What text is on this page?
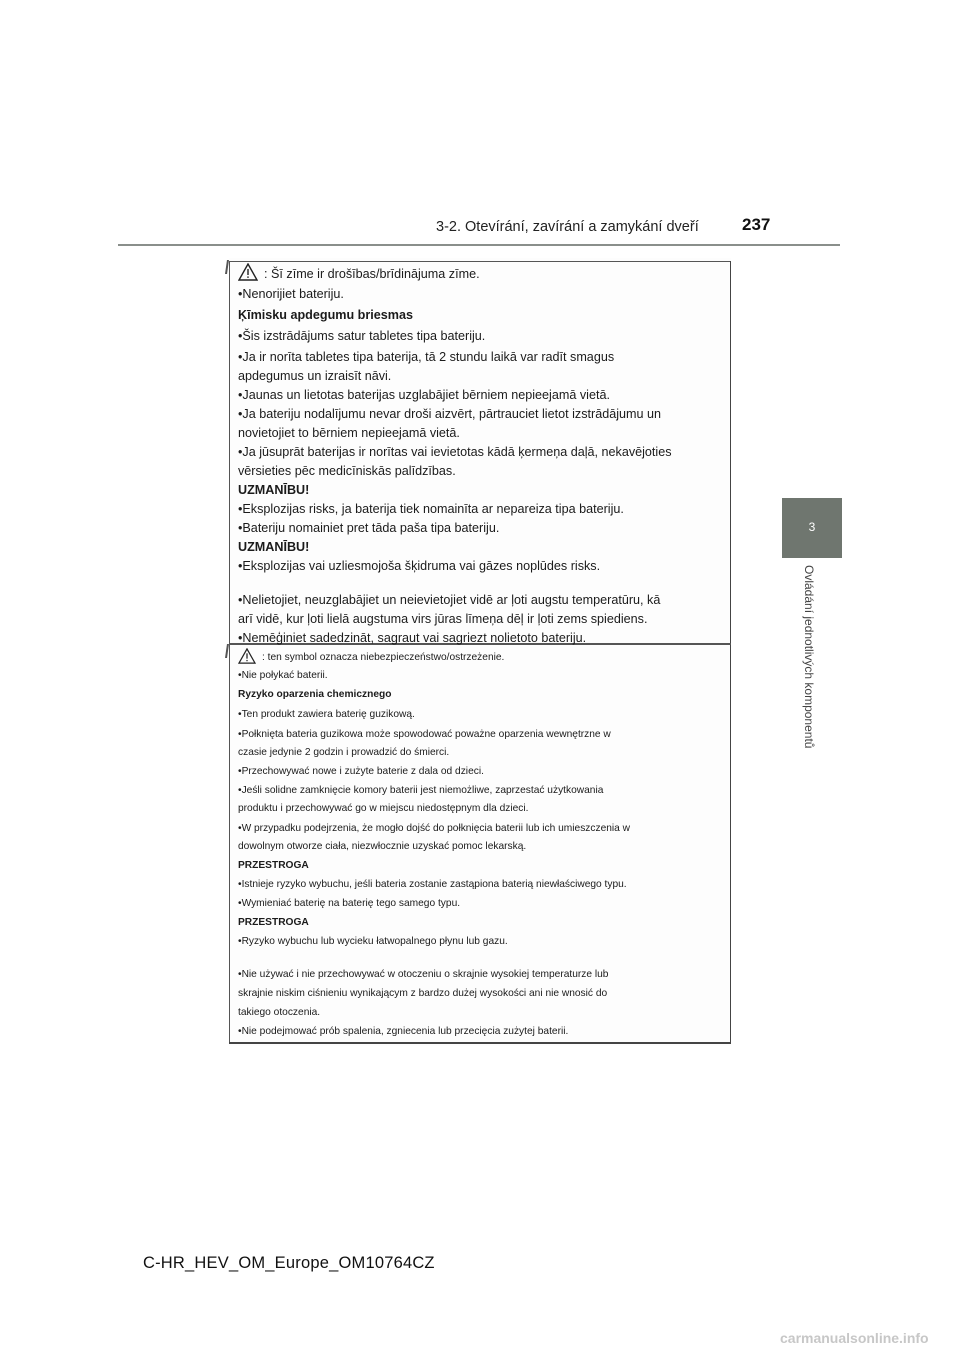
3-2. Otevírání, zavírání a zamykání dveří	237
3
Ovládání jednotlivých komponentů
: Šī zīme ir drošības/brīdinājuma zīme.
•Nenorijiet bateriju.
Ķīmisku apdegumu briesmas
•Šis izstrādājums satur tabletes tipa bateriju.
•Ja ir norīta tabletes tipa baterija, tā 2 stundu laikā var radīt smagus
apdegumus un izraisīt nāvi.
•Jaunas un lietotas baterijas uzglabājiet bērniem nepieejamā vietā.
•Ja bateriju nodalījumu nevar droši aizvērt, pārtrauciet lietot izstrādājumu un
novietojiet to bērniem nepieejamā vietā.
•Ja jūsuprāt baterijas ir norītas vai ievietotas kādā ķermeņa daļā, nekavējoties
vērsieties pēc medicīniskās palīdzības.
UZMANĪBU!
•Eksplozijas risks, ja baterija tiek nomainīta ar nepareiza tipa bateriju.
•Bateriju nomainiet pret tāda paša tipa bateriju.
UZMANĪBU!
•Eksplozijas vai uzliesmojoša šķidruma vai gāzes noplūdes risks.
•Nelietojiet, neuzglabājiet un neievietojiet vidē ar ļoti augstu temperatūru, kā
arī vidē, kur ļoti lielā augstuma virs jūras līmeņa dēļ ir ļoti zems spiediens.
•Nemēģiniet sadedzināt, sagraut vai sagriezt nolietoto bateriju.
: ten symbol oznacza niebezpieczeństwo/ostrzeżenie.
•Nie połykać baterii.
Ryzyko oparzenia chemicznego
•Ten produkt zawiera baterię guzikową.
•Połknięta bateria guzikowa może spowodować poważne oparzenia wewnętrzne w
czasie jedynie 2 godzin i prowadzić do śmierci.
•Przechowywać nowe i zużyte baterie z dala od dzieci.
•Jeśli solidne zamknięcie komory baterii jest niemożliwe, zaprzestać użytkowania
produktu i przechowywać go w miejscu niedostępnym dla dzieci.
•W przypadku podejrzenia, że mogło dojść do połknięcia baterii lub ich umieszczenia w
dowolnym otworze ciała, niezwłocznie uzyskać pomoc lekarską.
PRZESTROGA
•Istnieje ryzyko wybuchu, jeśli bateria zostanie zastąpiona baterią niewłaściwego typu.
•Wymieniać baterię na baterię tego samego typu.
PRZESTROGA
•Ryzyko wybuchu lub wycieku łatwopalnego płynu lub gazu.
•Nie używać i nie przechowywać w otoczeniu o skrajnie wysokiej temperaturze lub
skrajnie niskim ciśnieniu wynikającym z bardzo dużej wysokości ani nie wnosić do
takiego otoczenia.
•Nie podejmować prób spalenia, zgniecenia lub przecięcia zużytej baterii.
C-HR_HEV_OM_Europe_OM10764CZ
carmanualsonline.info
